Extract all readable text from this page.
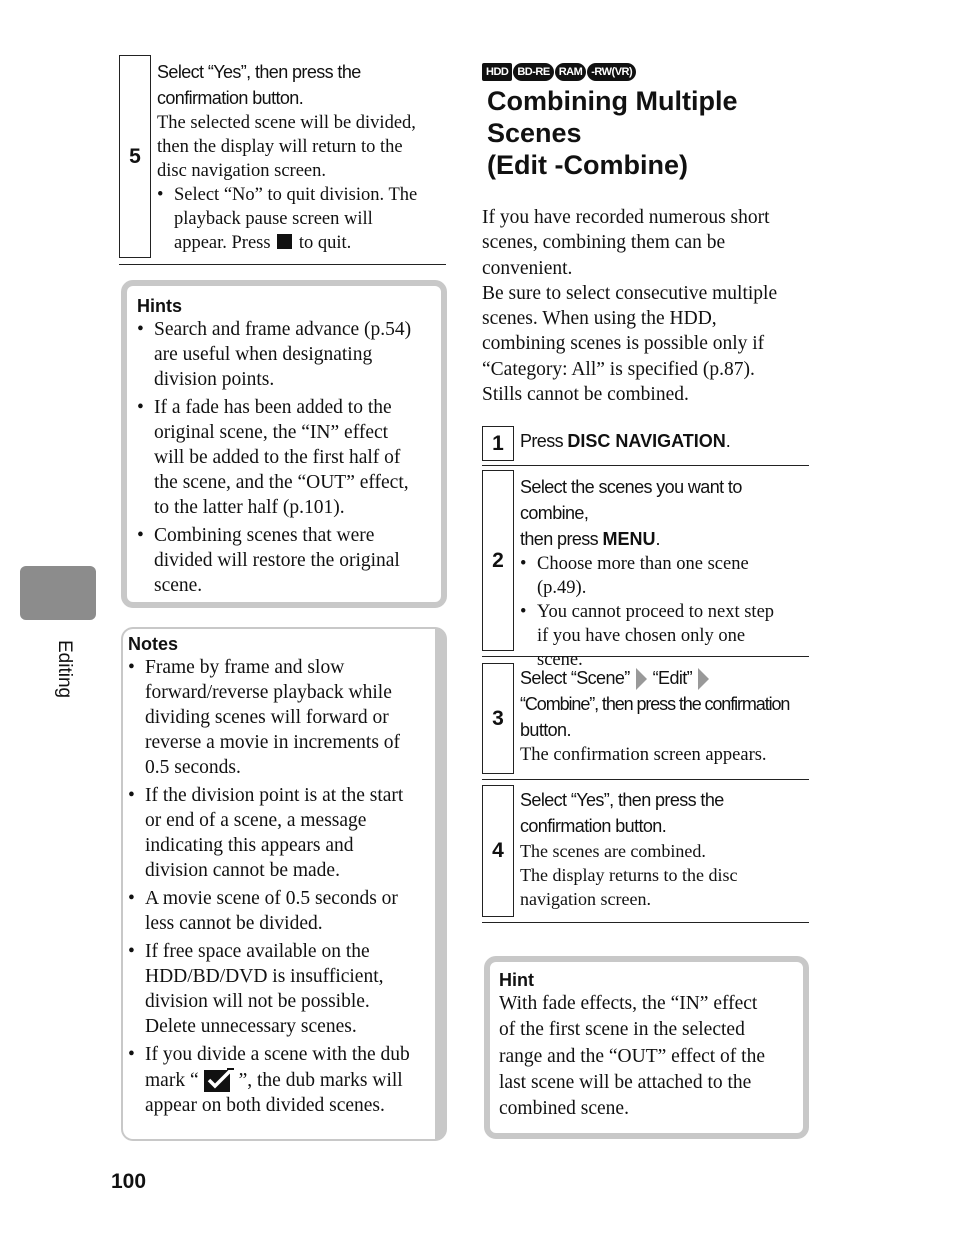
5
Select “Yes”, then press the
confirmation button.
The selected scene will be divided,
then the display will return to the
disc navigation screen.
• Select “No” to quit division. The
playback pause screen will
appear. Press to quit.
Hints
• Search and frame advance (p.54)
are useful when designating
division points.
• If a fade has been added to the
original scene, the “IN” effect
will be added to the first half of
the scene, and the “OUT” effect,
to the latter half (p.101).
• Combining scenes that were
divided will restore the original
scene.
Notes
• Frame by frame and slow
forward/reverse playback while
dividing scenes will forward or
reverse a movie in increments of
0.5 seconds.
• If the division point is at the start
or end of a scene, a message
indicating this appears and
division cannot be made.
• A movie scene of 0.5 seconds or
less cannot be divided.
• If free space available on the
HDD/BD/DVD is insufficient,
division will not be possible.
Delete unnecessary scenes.
• If you divide a scene with the dub
mark “ ”, the dub marks will
appear on both divided scenes.
Editing
100
HDD BD-RE RAM -RW(VR)
Combining Multiple
Scenes
(Edit -Combine)
If you have recorded numerous short
scenes, combining them can be
convenient.
Be sure to select consecutive multiple
scenes. When using the HDD,
combining scenes is possible only if
“Category: All” is specified (p.87).
Stills cannot be combined.
1 Press DISC NAVIGATION.
2
Select the scenes you want to combine,
then press MENU.
• Choose more than one scene
(p.49).
• You cannot proceed to next step
if you have chosen only one
scene.
3
Select “Scene” “Edit”
“Combine”, then press the confirmation
button.
The confirmation screen appears.
4
Select “Yes”, then press the
confirmation button.
The scenes are combined.
The display returns to the disc
navigation screen.
Hint
With fade effects, the “IN” effect
of the first scene in the selected
range and the “OUT” effect of the
last scene will be attached to the
combined scene.
